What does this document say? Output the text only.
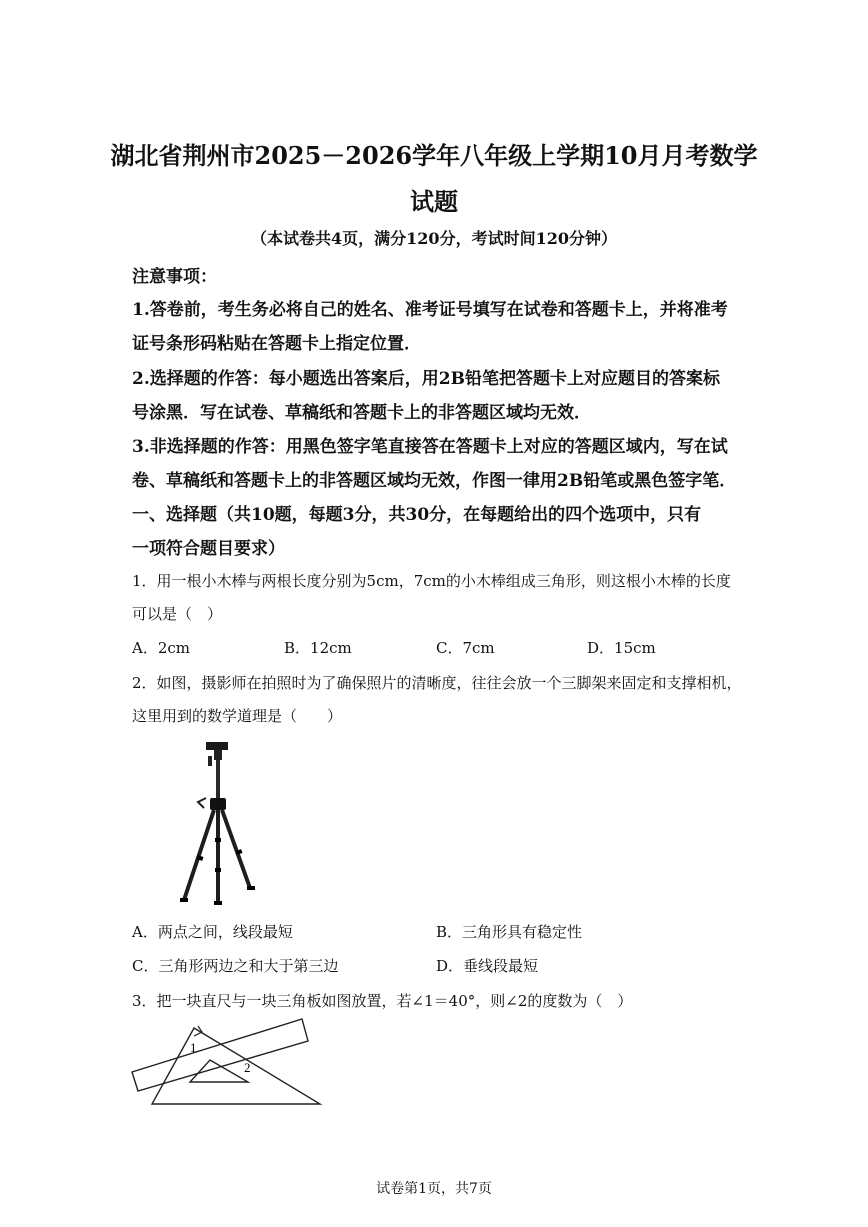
湖北省荆州市2025－2026学年八年级上学期10月月考数学
试题
（本试卷共4页，满分120分，考试时间120分钟）
注意事项：
1.答卷前，考生务必将自己的姓名、准考证号填写在试卷和答题卡上，并将准考
证号条形码粘贴在答题卡上指定位置．
2.选择题的作答：每小题选出答案后，用2B铅笔把答题卡上对应题目的答案标
号涂黑．写在试卷、草稿纸和答题卡上的非答题区域均无效．
3.非选择题的作答：用黑色签字笔直接答在答题卡上对应的答题区域内，写在试
卷、草稿纸和答题卡上的非答题区域均无效，作图一律用2B铅笔或黑色签字笔．
一、选择题（共10题，每题3分，共30分，在每题给出的四个选项中，只有
一项符合题目要求）
1．用一根小木棒与两根长度分别为5cm，7cm的小木棒组成三角形，则这根小木棒的长度
可以是（　）
A．2cm	B．12cm	C．7cm	D．15cm
2．如图，摄影师在拍照时为了确保照片的清晰度，往往会放一个三脚架来固定和支撑相机，
这里用到的数学道理是（　　）
A．两点之间，线段最短	B．三角形具有稳定性
C．三角形两边之和大于第三边	D．垂线段最短
3．把一块直尺与一块三角板如图放置，若∠1＝40°，则∠2的度数为（　）
1
2
试卷第1页，共7页
